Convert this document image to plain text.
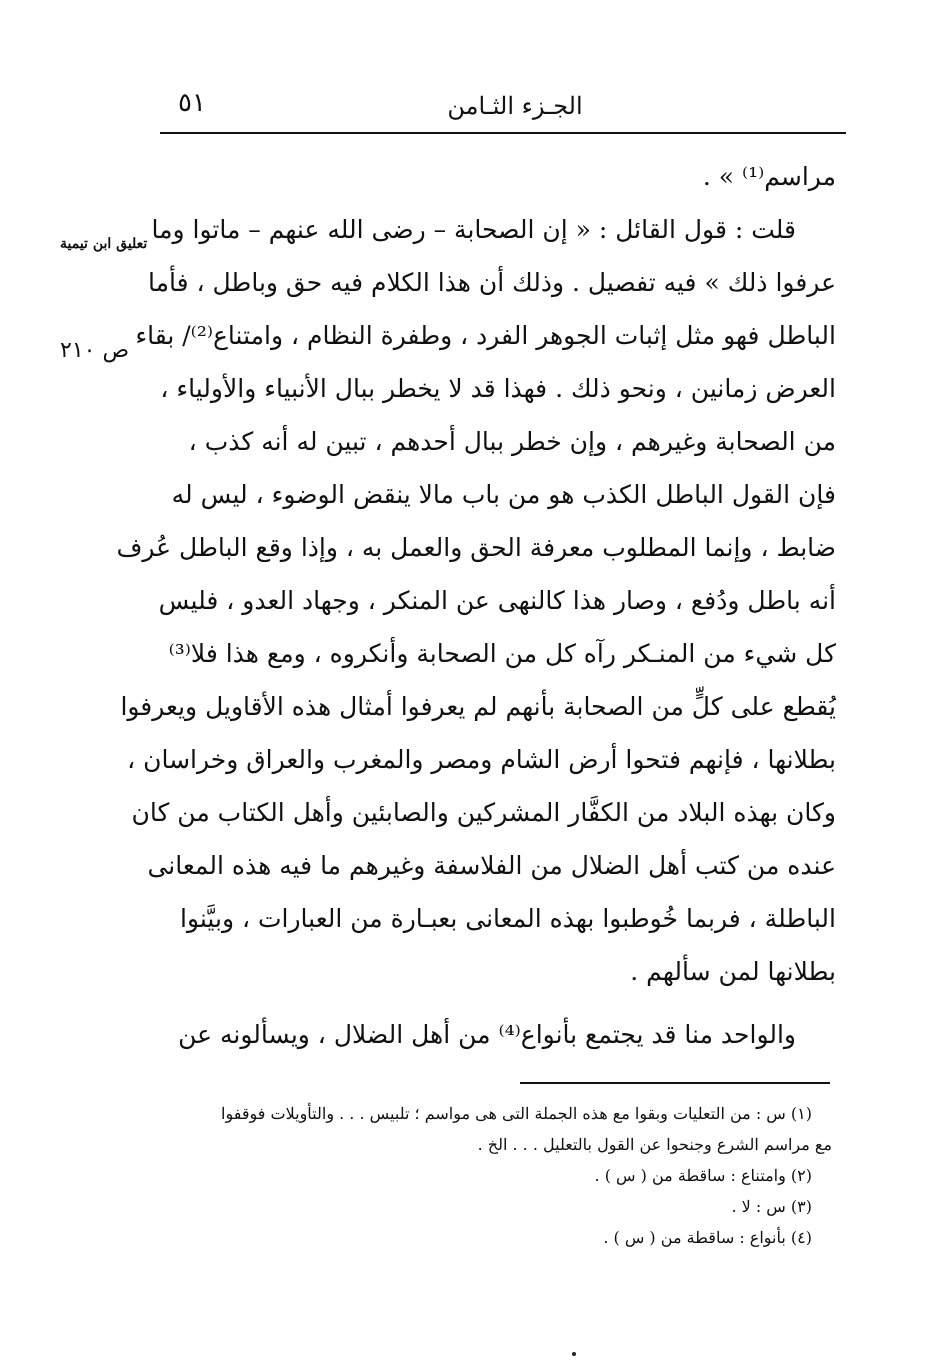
٥١	الجـزء الثـامن
تعليق ابن تيمية
ص ٢١٠
مراسم⁽¹⁾ » .
قلت : قول القائل : « إن الصحابة – رضى الله عنهم – ماتوا وما
عرفوا ذلك » فيه تفصيل . وذلك أن هذا الكلام فيه حق وباطل ، فأما
الباطل فهو مثل إثبات الجوهر الفرد ، وطفرة النظام ، وامتناع⁽²⁾/ بقاء
العرض زمانين ، ونحو ذلك . فهذا قد لا يخطر ببال الأنبياء والأولياء ،
من الصحابة وغيرهم ، وإن خطر ببال أحدهم ، تبين له أنه كذب ،
فإن القول الباطل الكذب هو من باب مالا ينقض الوضوء ، ليس له
ضابط ، وإنما المطلوب معرفة الحق والعمل به ، وإذا وقع الباطل عُرف
أنه باطل ودُفع ، وصار هذا كالنهى عن المنكر ، وجهاد العدو ، فليس
كل شيء من المنـكر رآه كل من الصحابة وأنكروه ، ومع هذا فلا⁽³⁾
يُقطع على كلٍّ من الصحابة بأنهم لم يعرفوا أمثال هذه الأقاويل ويعرفوا
بطلانها ، فإنهم فتحوا أرض الشام ومصر والمغرب والعراق وخراسان ،
وكان بهذه البلاد من الكفَّار المشركين والصابئين وأهل الكتاب من كان
عنده من كتب أهل الضلال من الفلاسفة وغيرهم ما فيه هذه المعانى
الباطلة ، فربما خُوطبوا بهذه المعانى بعبـارة من العبارات ، وبيَّنوا
بطلانها لمن سألهم .
والواحد منا قد يجتمع بأنواع⁽⁴⁾ من أهل الضلال ، ويسألونه عن
(١) س : من التعليات وبقوا مع هذه الجملة التى هى مواسم ؛ تلبيس . . . والتأويلات فوقفوا
مع مراسم الشرع وجنحوا عن القول بالتعليل . . . الخ .
(٢) وامتناع : ساقطة من ( س ) .
(٣) س : لا .
(٤) بأنواع : ساقطة من ( س ) .
